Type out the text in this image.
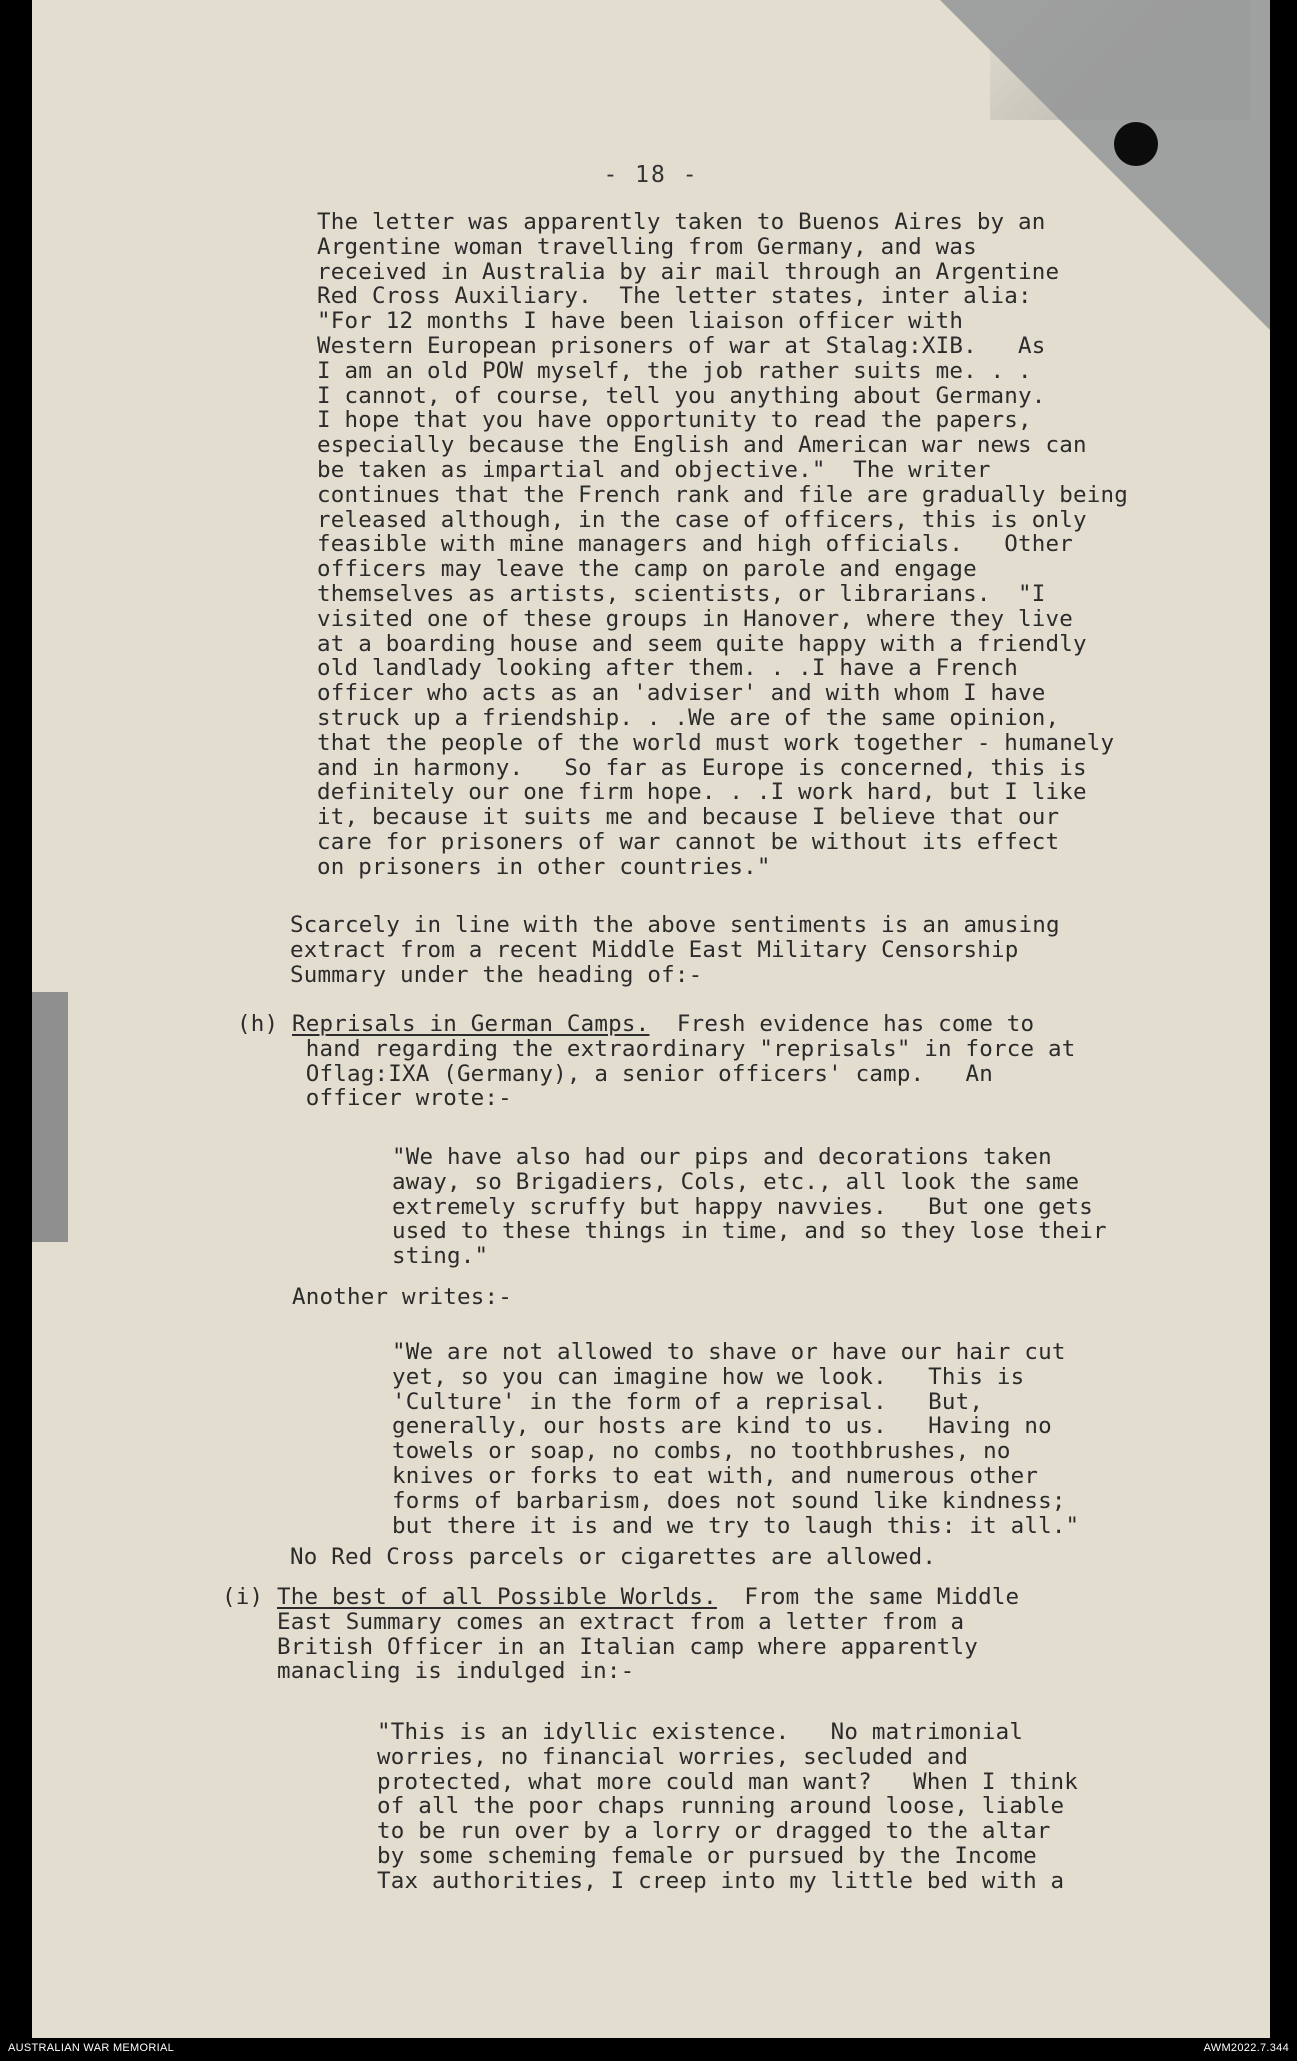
- 18 -
The letter was apparently taken to Buenos Aires by an
Argentine woman travelling from Germany, and was
received in Australia by air mail through an Argentine
Red Cross Auxiliary.  The letter states, inter alia:
"For 12 months I have been liaison officer with
Western European prisoners of war at Stalag:XIB.   As
I am an old POW myself, the job rather suits me. . .
I cannot, of course, tell you anything about Germany.
I hope that you have opportunity to read the papers,
especially because the English and American war news can
be taken as impartial and objective."  The writer
continues that the French rank and file are gradually being
released although, in the case of officers, this is only
feasible with mine managers and high officials.   Other
officers may leave the camp on parole and engage
themselves as artists, scientists, or librarians.  "I
visited one of these groups in Hanover, where they live
at a boarding house and seem quite happy with a friendly
old landlady looking after them. . .I have a French
officer who acts as an 'adviser' and with whom I have
struck up a friendship. . .We are of the same opinion,
that the people of the world must work together - humanely
and in harmony.   So far as Europe is concerned, this is
definitely our one firm hope. . .I work hard, but I like
it, because it suits me and because I believe that our
care for prisoners of war cannot be without its effect
on prisoners in other countries."
Scarcely in line with the above sentiments is an amusing
extract from a recent Middle East Military Censorship
Summary under the heading of:-
(h) Reprisals in German Camps.  Fresh evidence has come to
hand regarding the extraordinary "reprisals" in force at
Oflag:IXA (Germany), a senior officers' camp.   An
officer wrote:-
"We have also had our pips and decorations taken
away, so Brigadiers, Cols, etc., all look the same
extremely scruffy but happy navvies.   But one gets
used to these things in time, and so they lose their
sting."
Another writes:-
"We are not allowed to shave or have our hair cut
yet, so you can imagine how we look.   This is
'Culture' in the form of a reprisal.   But,
generally, our hosts are kind to us.   Having no
towels or soap, no combs, no toothbrushes, no
knives or forks to eat with, and numerous other
forms of barbarism, does not sound like kindness;
but there it is and we try to laugh this: it all."
No Red Cross parcels or cigarettes are allowed.
(i) The best of all Possible Worlds.  From the same Middle
East Summary comes an extract from a letter from a
British Officer in an Italian camp where apparently
manacling is indulged in:-
"This is an idyllic existence.   No matrimonial
worries, no financial worries, secluded and
protected, what more could man want?   When I think
of all the poor chaps running around loose, liable
to be run over by a lorry or dragged to the altar
by some scheming female or pursued by the Income
Tax authorities, I creep into my little bed with a
AUSTRALIAN WAR MEMORIAL	AWM2022.7.344
